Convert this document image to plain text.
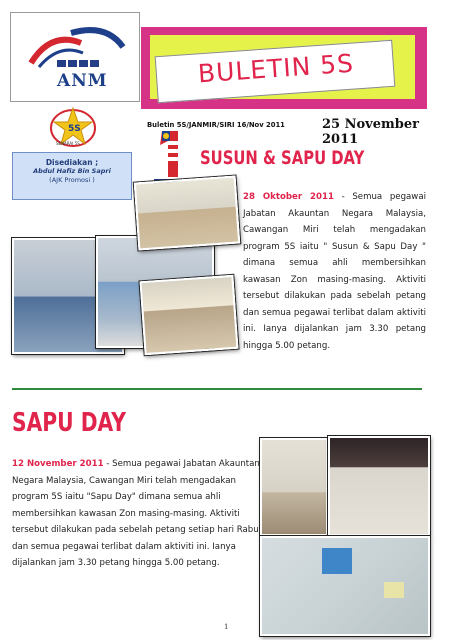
ANM
5S
SENARAI 5S
Disediakan ;
Abdul Hafiz Bin Sapri
(AJK Promosi )
BULETIN 5S
Buletin 5S/JANMIR/SIRI 16/Nov 2011	25 November 2011
SUSUN & SAPU DAY
28 Oktober 2011 - Semua pegawai Jabatan Akauntan Negara Malaysia, Cawangan Miri telah mengadakan program 5S iaitu " Susun & Sapu Day " dimana semua ahli membersihkan kawasan Zon masing-masing. Aktiviti tersebut dilakukan pada sebelah petang dan semua pegawai terlibat dalam aktiviti ini. Ianya dijalankan jam 3.30 petang hingga 5.00 petang.
SAPU DAY
12 November 2011 - Semua pegawai Jabatan Akauntan Negara Malaysia, Cawangan Miri telah mengadakan program 5S iaitu "Sapu Day" dimana semua ahli membersihkan kawasan Zon masing-masing. Aktiviti tersebut dilakukan pada sebelah petang setiap hari Rabu dan semua pegawai terlibat dalam aktiviti ini. Ianya dijalankan jam 3.30 petang hingga 5.00 petang.
1
